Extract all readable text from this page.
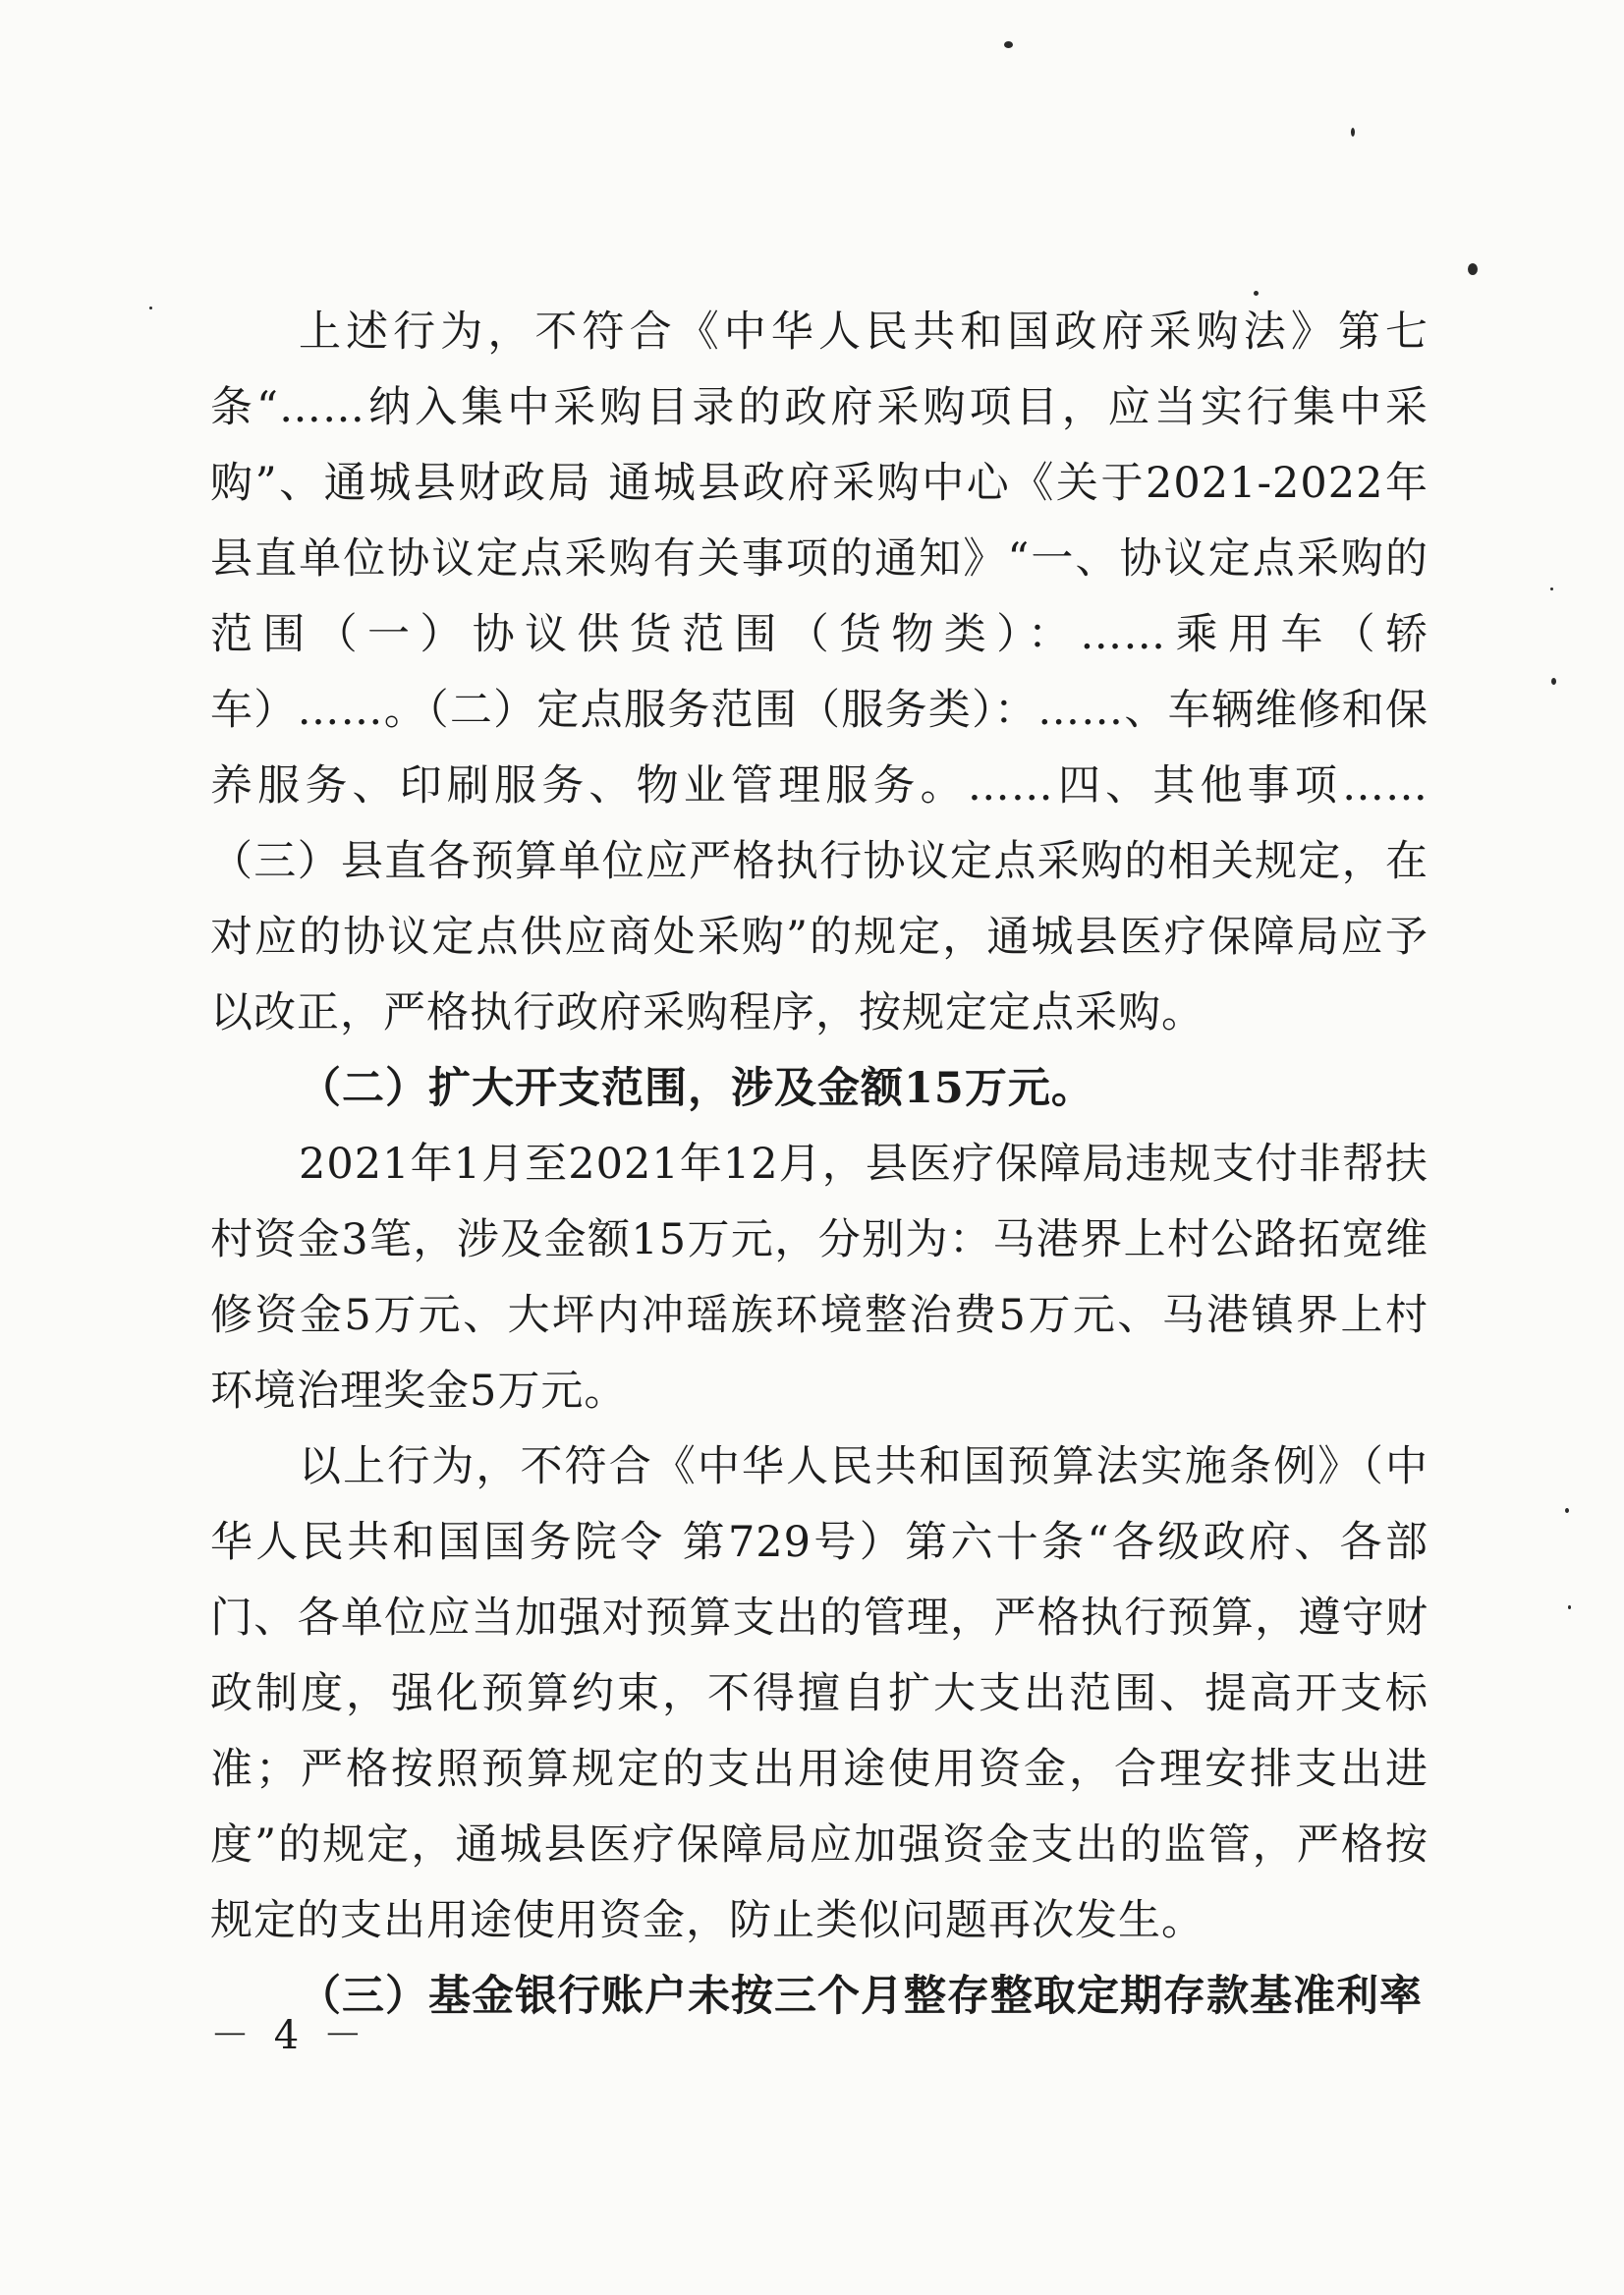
上述行为，不符合《中华人民共和国政府采购法》第七条“……纳入集中采购目录的政府采购项目，应当实行集中采购”、通城县财政局 通城县政府采购中心《关于2021-2022年县直单位协议定点采购有关事项的通知》“一、协议定点采购的范围（一）协议供货范围（货物类）：……乘用车（轿车）……。（二）定点服务范围（服务类）：……、车辆维修和保养服务、印刷服务、物业管理服务。……四、其他事项……（三）县直各预算单位应严格执行协议定点采购的相关规定，在对应的协议定点供应商处采购”的规定，通城县医疗保障局应予以改正，严格执行政府采购程序，按规定定点采购。

（二）扩大开支范围，涉及金额15万元。

2021年1月至2021年12月，县医疗保障局违规支付非帮扶村资金3笔，涉及金额15万元，分别为：马港界上村公路拓宽维修资金5万元、大坪内冲瑶族环境整治费5万元、马港镇界上村环境治理奖金5万元。

以上行为，不符合《中华人民共和国预算法实施条例》（中华人民共和国国务院令 第729号）第六十条“各级政府、各部门、各单位应当加强对预算支出的管理，严格执行预算，遵守财政制度，强化预算约束，不得擅自扩大支出范围、提高开支标准；严格按照预算规定的支出用途使用资金，合理安排支出进度”的规定，通城县医疗保障局应加强资金支出的监管，严格按规定的支出用途使用资金，防止类似问题再次发生。

（三）基金银行账户未按三个月整存整取定期存款基准利率

－ 4 －
